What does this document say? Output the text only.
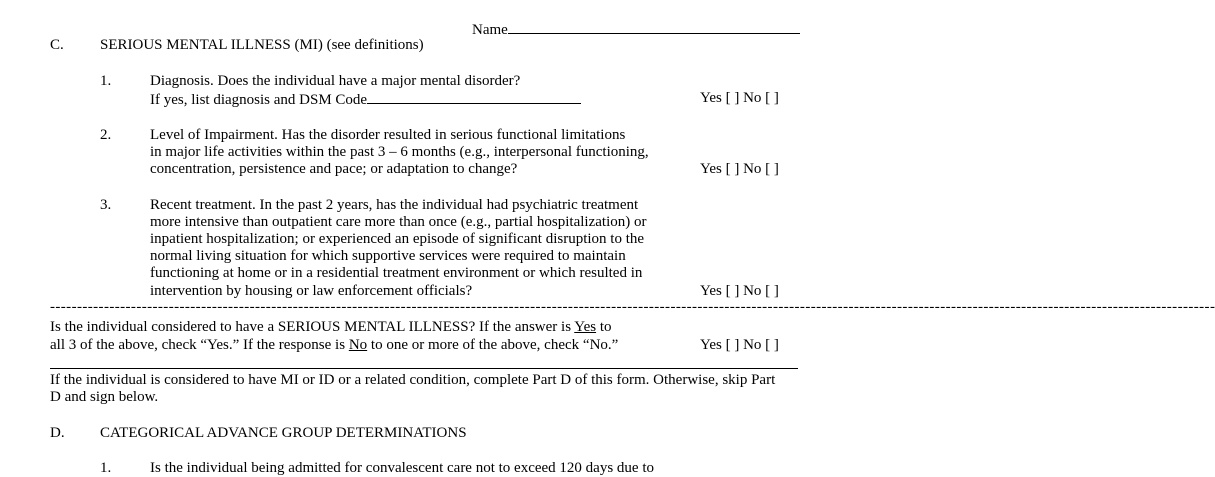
Name
C. SERIOUS MENTAL ILLNESS (MI) (see definitions)
1.	Diagnosis. Does the individual have a major mental disorder?
If yes, list diagnosis and DSM Code	Yes [ ] No [ ]
2.	Level of Impairment. Has the disorder resulted in serious functional limitations
in major life activities within the past 3 – 6 months (e.g., interpersonal functioning,
concentration, persistence and pace; or adaptation to change?	Yes [ ] No [ ]
3.	Recent treatment. In the past 2 years, has the individual had psychiatric treatment
more intensive than outpatient care more than once (e.g., partial hospitalization) or
inpatient hospitalization; or experienced an episode of significant disruption to the
normal living situation for which supportive services were required to maintain
functioning at home or in a residential treatment environment or which resulted in
intervention by housing or law enforcement officials?	Yes [ ] No [ ]
------------------------------------------------------------------------------------------------------------------------------------------------------------------------------------------------------------------------
Is the individual considered to have a SERIOUS MENTAL ILLNESS? If the answer is Yes to
all 3 of the above, check “Yes.” If the response is No to one or more of the above, check “No.”	Yes [ ] No [ ]
If the individual is considered to have MI or ID or a related condition, complete Part D of this form. Otherwise, skip Part
D and sign below.
D. CATEGORICAL ADVANCE GROUP DETERMINATIONS
1.	Is the individual being admitted for convalescent care not to exceed 120 days due to
